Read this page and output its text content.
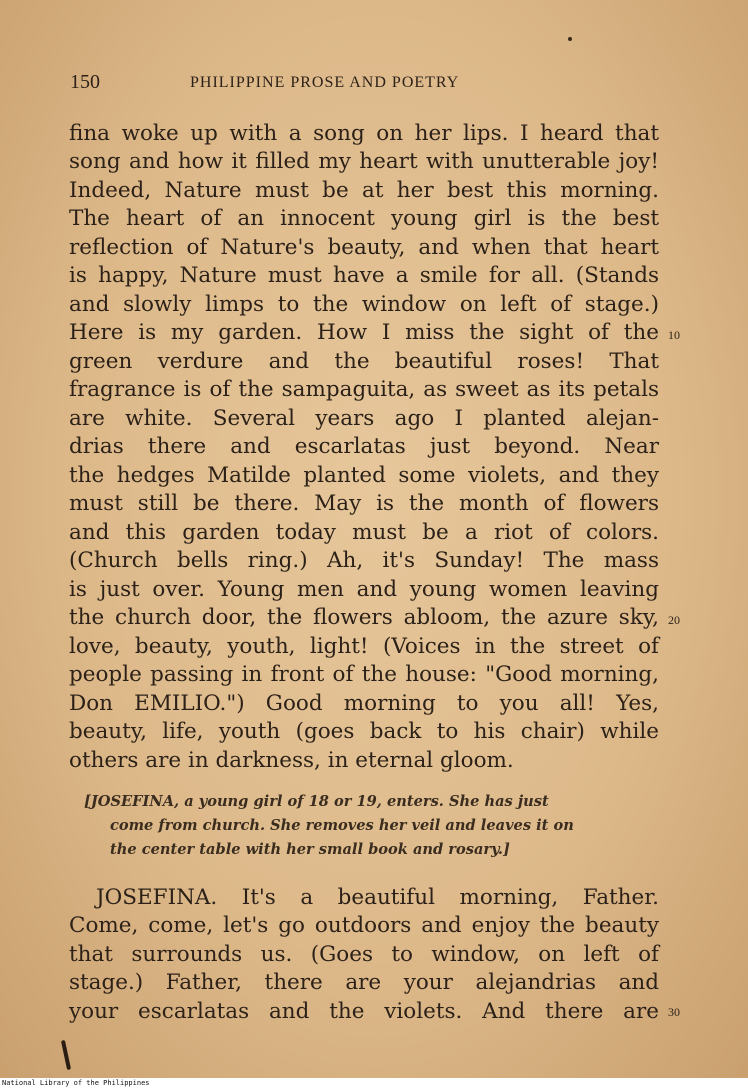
150	PHILIPPINE PROSE AND POETRY
fina woke up with a song on her lips. I heard that
song and how it filled my heart with unutterable joy!
Indeed, Nature must be at her best this morning.
The heart of an innocent young girl is the best
reflection of Nature's beauty, and when that heart
is happy, Nature must have a smile for all. (Stands
and slowly limps to the window on left of stage.)
Here is my garden. How I miss the sight of the
green verdure and the beautiful roses! That
fragrance is of the sampaguita, as sweet as its petals
are white. Several years ago I planted alejan-
drias there and escarlatas just beyond. Near
the hedges Matilde planted some violets, and they
must still be there. May is the month of flowers
and this garden today must be a riot of colors.
(Church bells ring.) Ah, it's Sunday! The mass
is just over. Young men and young women leaving
the church door, the flowers abloom, the azure sky,
love, beauty, youth, light! (Voices in the street of
people passing in front of the house: "Good morning,
Don EMILIO.") Good morning to you all! Yes,
beauty, life, youth (goes back to his chair) while
others are in darkness, in eternal gloom.
10
20
30
[JOSEFINA, a young girl of 18 or 19, enters. She has just
come from church. She removes her veil and leaves it on
the center table with her small book and rosary.]
JOSEFINA. It's a beautiful morning, Father.
Come, come, let's go outdoors and enjoy the beauty
that surrounds us. (Goes to window, on left of
stage.) Father, there are your alejandrias and
your escarlatas and the violets. And there are
National Library of the Philippines
